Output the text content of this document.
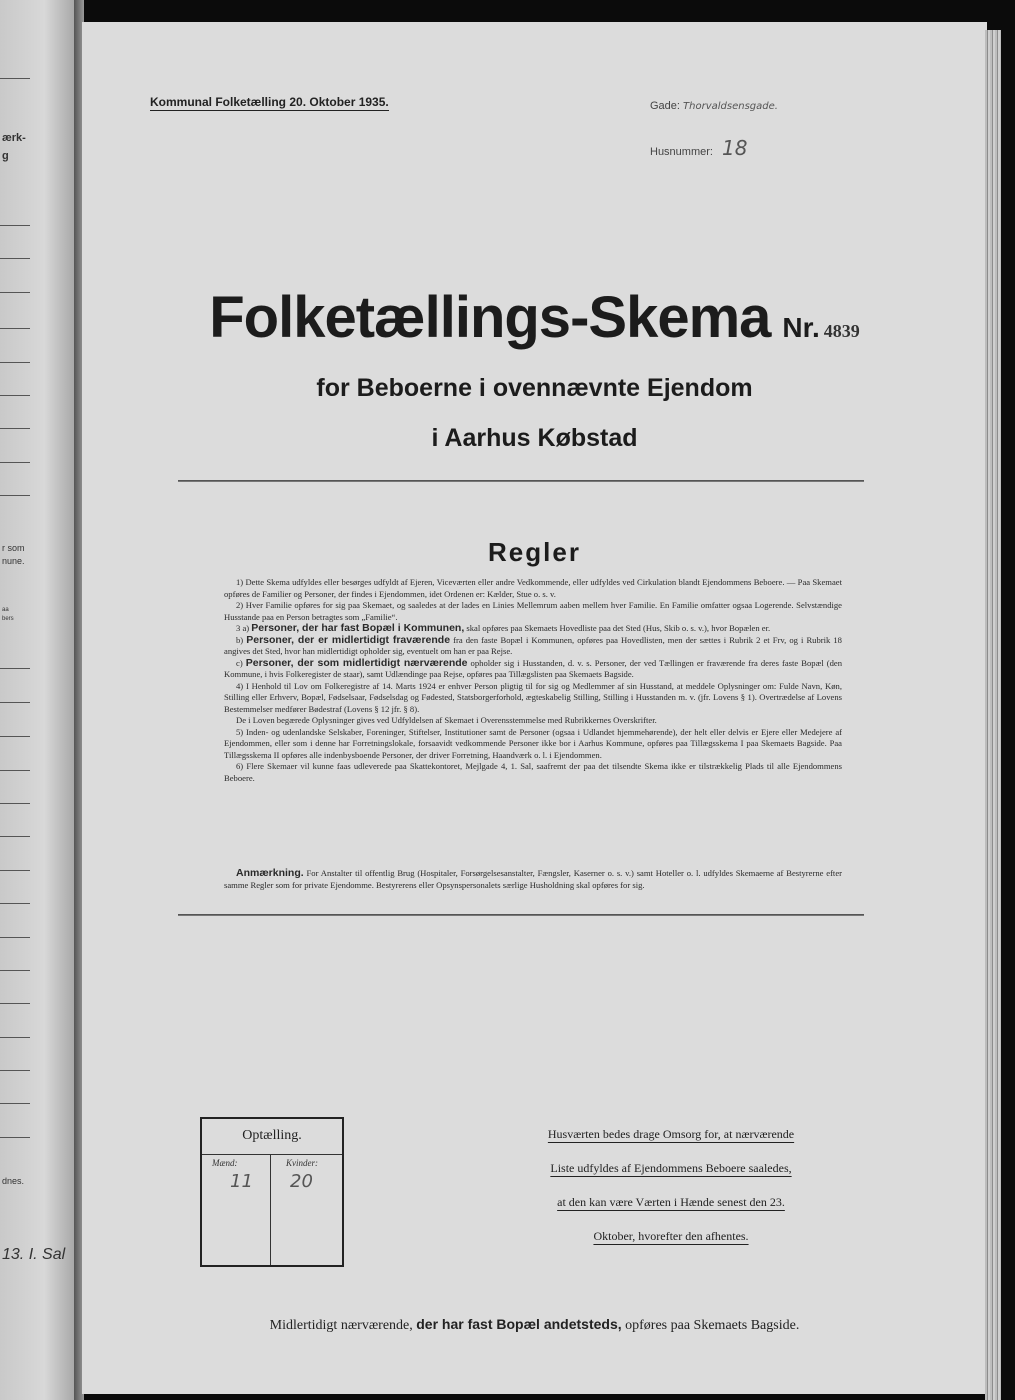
ærk-
g
r som
nune.
aa
bers
dnes.
13. I. Sal
Kommunal Folketælling 20. Oktober 1935.	Gade: Thorvaldsensgade.
Husnummer: 18
Folketællings-Skema Nr. 4839
for Beboerne i ovennævnte Ejendom
i Aarhus Købstad
Regler

1) Dette Skema udfyldes eller besørges udfyldt af Ejeren, Viceværten eller andre Vedkommende, eller udfyldes ved Cirkulation blandt Ejendommens Beboere. — Paa Skemaet opføres de Familier og Personer, der findes i Ejendommen, idet Ordenen er: Kælder, Stue o. s. v.

2) Hver Familie opføres for sig paa Skemaet, og saaledes at der lades en Linies Mellemrum aaben mellem hver Familie. En Familie omfatter ogsaa Logerende. Selvstændige Husstande paa en Person betragtes som „Familie“.

3 a) Personer, der har fast Bopæl i Kommunen, skal opføres paa Skemaets Hovedliste paa det Sted (Hus, Skib o. s. v.), hvor Bopælen er.

b) Personer, der er midlertidigt fraværende fra den faste Bopæl i Kommunen, opføres paa Hovedlisten, men der sættes i Rubrik 2 et Frv, og i Rubrik 18 angives det Sted, hvor han midlertidigt opholder sig, eventuelt om han er paa Rejse.

c) Personer, der som midlertidigt nærværende opholder sig i Husstanden, d. v. s. Personer, der ved Tællingen er fraværende fra deres faste Bopæl (den Kommune, i hvis Folkeregister de staar), samt Udlændinge paa Rejse, opføres paa Tillægslisten paa Skemaets Bagside.

4) I Henhold til Lov om Folkeregistre af 14. Marts 1924 er enhver Person pligtig til for sig og Medlemmer af sin Husstand, at meddele Oplysninger om: Fulde Navn, Køn, Stilling eller Erhverv, Bopæl, Fødselsaar, Fødselsdag og Fødested, Statsborgerforhold, ægteskabelig Stilling, Stilling i Husstanden m. v. (jfr. Lovens § 1). Overtrædelse af Lovens Bestemmelser medfører Bødestraf (Lovens § 12 jfr. § 8).

De i Loven begærede Oplysninger gives ved Udfyldelsen af Skemaet i Overensstemmelse med Rubrikkernes Overskrifter.

5) Inden- og udenlandske Selskaber, Foreninger, Stiftelser, Institutioner samt de Personer (ogsaa i Udlandet hjemmehørende), der helt eller delvis er Ejere eller Medejere af Ejendommen, eller som i denne har Forretningslokale, forsaavidt vedkommende Personer ikke bor i Aarhus Kommune, opføres paa Tillægsskema I paa Skemaets Bagside. Paa Tillægsskema II opføres alle indenbysboende Personer, der driver Forretning, Haandværk o. l. i Ejendommen.

6) Flere Skemaer vil kunne faas udleverede paa Skattekontoret, Mejlgade 4, 1. Sal, saafremt der paa det tilsendte Skema ikke er tilstrækkelig Plads til alle Ejendommens Beboere.

Anmærkning. For Anstalter til offentlig Brug (Hospitaler, Forsørgelsesanstalter, Fængsler, Kaserner o. s. v.) samt Hoteller o. l. udfyldes Skemaerne af Bestyrerne efter samme Regler som for private Ejendomme. Bestyrerens eller Opsynspersonalets særlige Husholdning skal opføres for sig.

Optælling.
Mænd:
11
Kvinder:
20
Husværten bedes drage Omsorg for, at nærværende
Liste udfyldes af Ejendommens Beboere saaledes,
at den kan være Værten i Hænde senest den 23.
Oktober, hvorefter den afhentes.
Midlertidigt nærværende, der har fast Bopæl andetsteds, opføres paa Skemaets Bagside.
